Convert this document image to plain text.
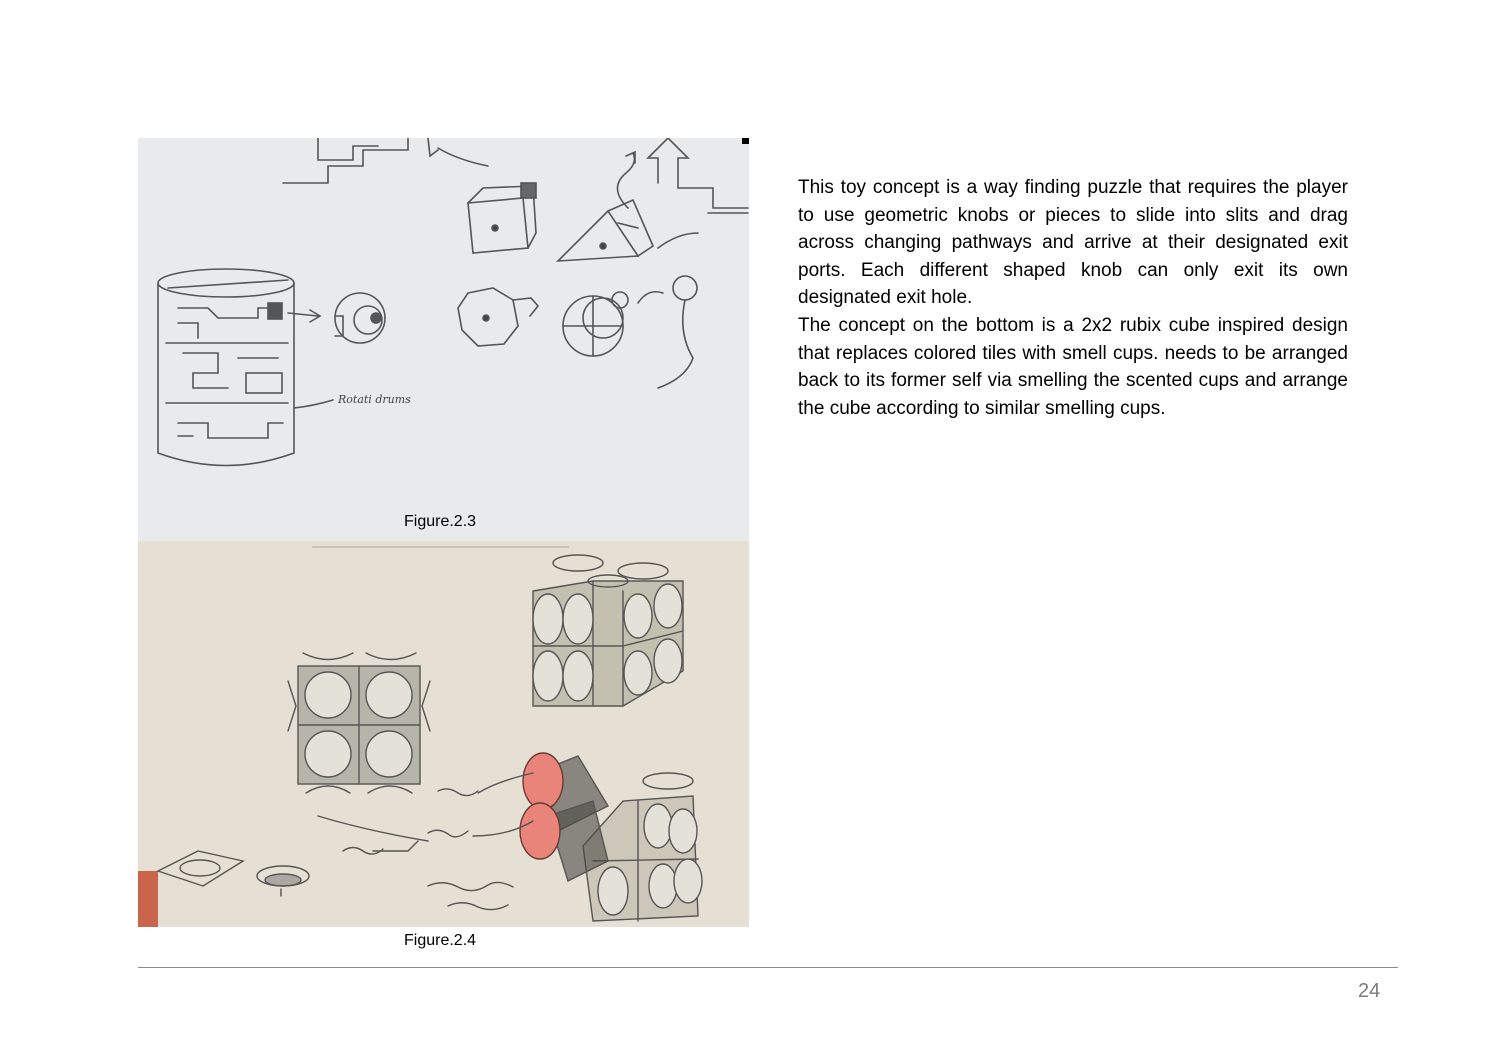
Rotati drums
Figure.2.3
Figure.2.4

This toy concept is a way finding puzzle that requires the player to use geometric knobs or pieces to slide into slits and drag across changing pathways and arrive at their designated exit ports. Each different shaped knob can only exit its own designated exit hole.

The concept on the bottom is a 2x2 rubix cube inspired design that replaces colored tiles with smell cups. needs to be arranged back to its former self via smelling the scented cups and arrange the cube according to similar smelling cups.

24
